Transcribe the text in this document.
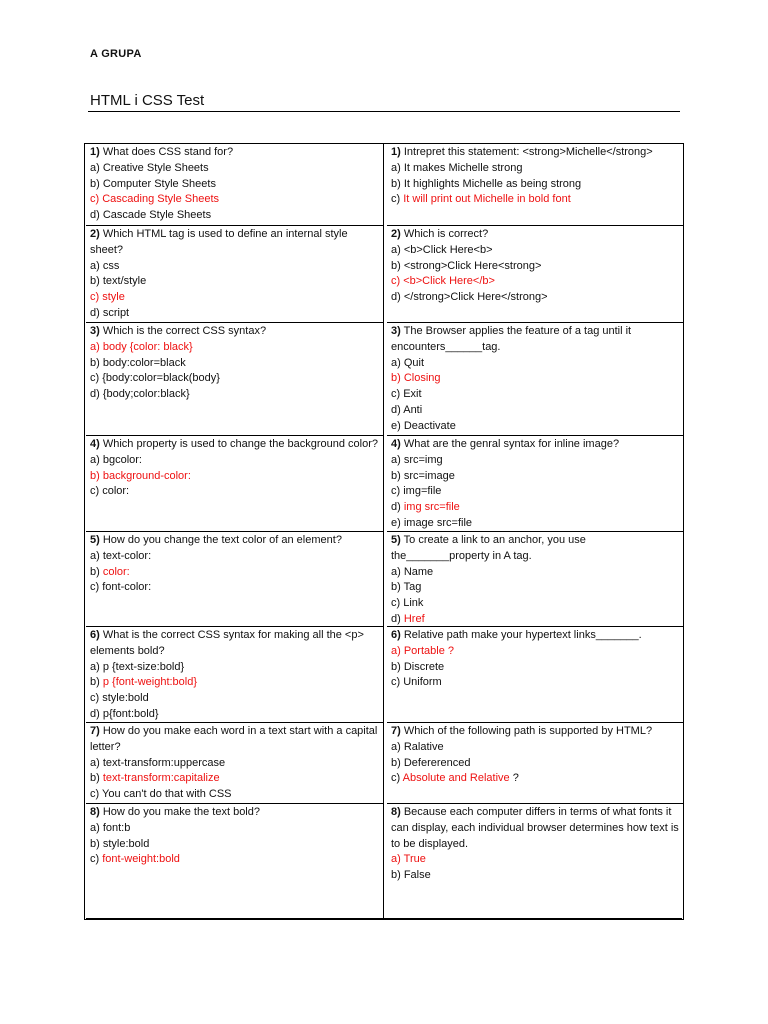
A GRUPA
HTML i CSS Test
1) What does CSS stand for?
a) Creative Style Sheets
b) Computer Style Sheets
c) Cascading Style Sheets
d) Cascade Style Sheets
2) Which HTML tag is used to define an internal style sheet?
a) css
b) text/style
c) style
d) script
3) Which is the correct CSS syntax?
a) body {color: black}
b) body:color=black
c) {body:color=black(body}
d) {body;color:black}
4) Which property is used to change the background color?
a) bgcolor:
b) background-color:
c) color:
5) How do you change the text color of an element?
a) text-color:
b) color:
c) font-color:
6) What is the correct CSS syntax for making all the <p> elements bold?
a) p {text-size:bold}
b) p {font-weight:bold}
c) style:bold
d) p{font:bold}
7) How do you make each word in a text start with a capital letter?
a) text-transform:uppercase
b) text-transform:capitalize
c) You can't do that with CSS
8) How do you make the text bold?
a) font:b
b) style:bold
c) font-weight:bold
1) Intrepret this statement: <strong>Michelle</strong>
a) It makes Michelle strong
b) It highlights Michelle as being strong
c) It will print out Michelle in bold font
2) Which is correct?
a) <b>Click Here<b>
b) <strong>Click Here<strong>
c) <b>Click Here</b>
d) </strong>Click Here</strong>
3) The Browser applies the feature of a tag until it encounters______tag.
a) Quit
b) Closing
c) Exit
d) Anti
e) Deactivate
4) What are the genral syntax for inline image?
a) src=img
b) src=image
c) img=file
d) img src=file
e) image src=file
5) To create a link to an anchor, you use the_______property in A tag.
a) Name
b) Tag
c) Link
d) Href
6) Relative path make your hypertext links_______.
a) Portable ?
b) Discrete
c) Uniform
7) Which of the following path is supported by HTML?
a) Ralative
b) Defererenced
c) Absolute and Relative ?
8) Because each computer differs in terms of what fonts it can display, each individual browser determines how text is to be displayed.
a) True
b) False
